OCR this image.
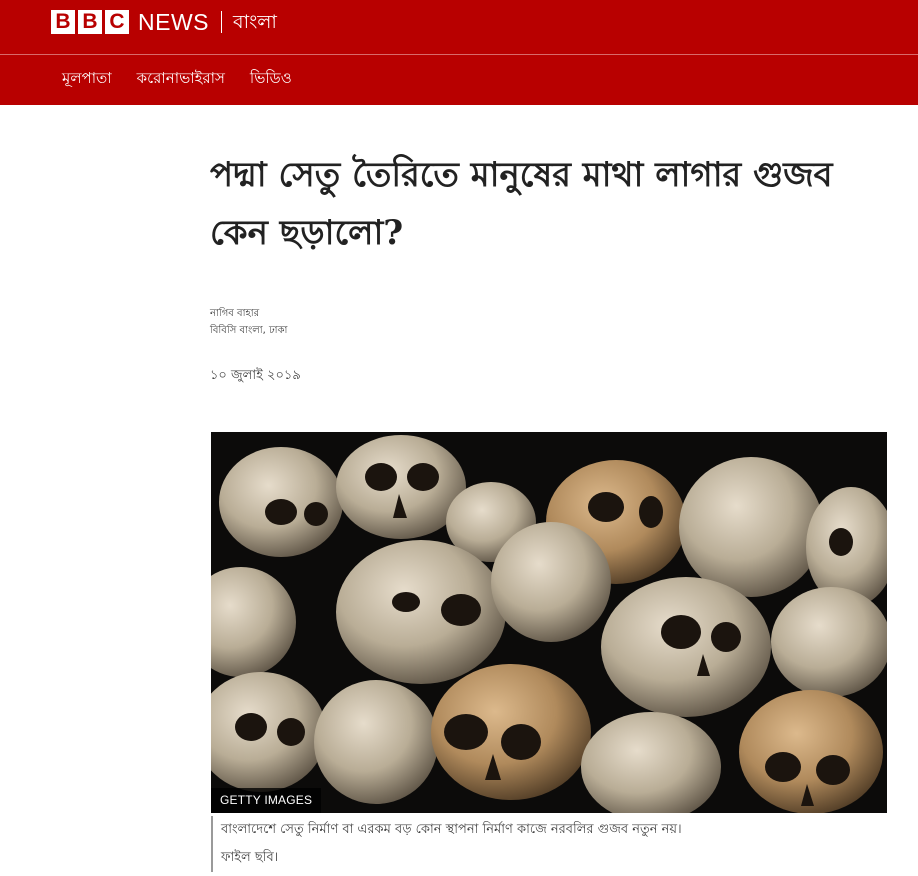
B B C NEWS বাংলা
মূলপাতা করোনাভাইরাস ভিডিও
পদ্মা সেতু তৈরিতে মানুষের মাথা লাগার গুজব কেন ছড়ালো?
নাগিব বাহার
বিবিসি বাংলা, ঢাকা
১০ জুলাই ২০১৯
GETTY IMAGES
বাংলাদেশে সেতু নির্মাণ বা এরকম বড় কোন স্থাপনা নির্মাণ কাজে নরবলির গুজব নতুন নয়।
ফাইল ছবি।
